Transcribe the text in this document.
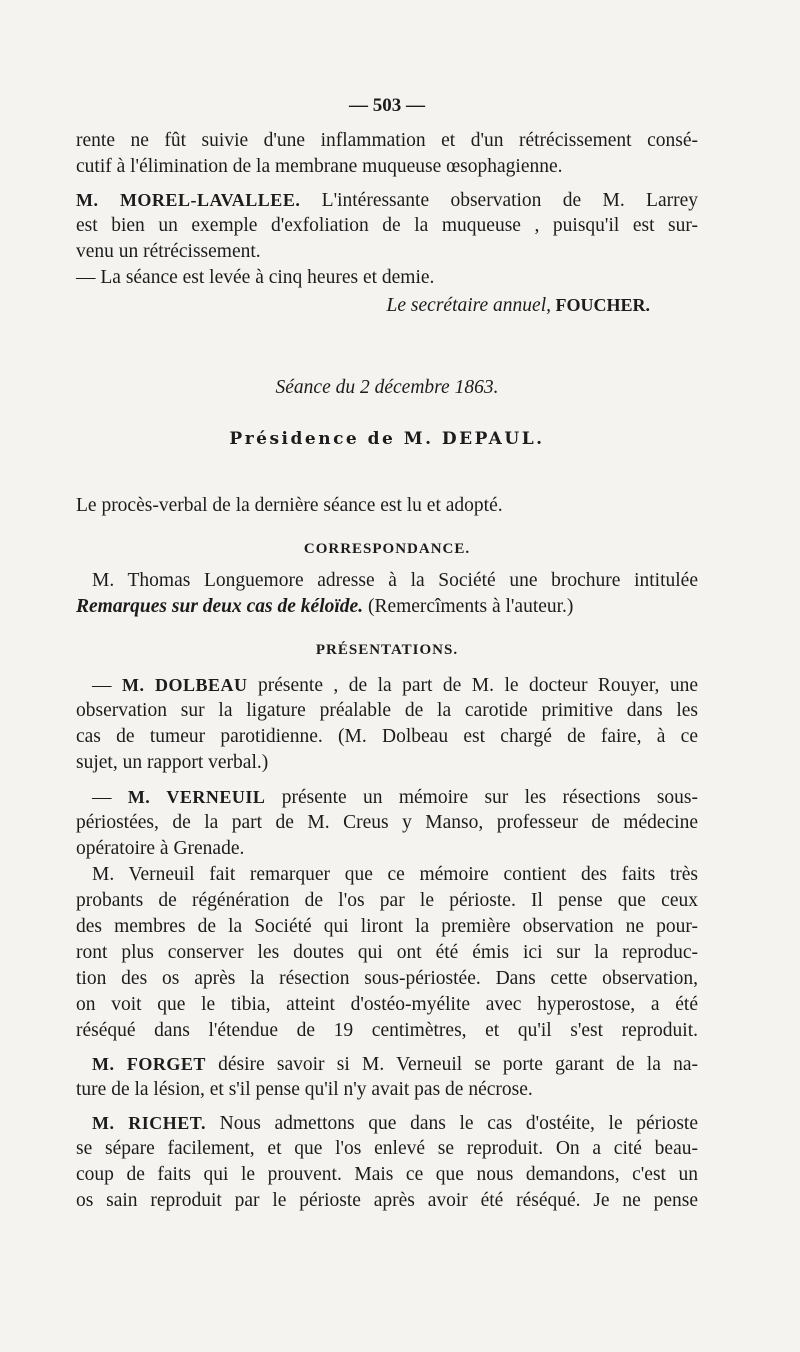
— 503 —
rente ne fût suivie d'une inflammation et d'un rétrécissement consé-
cutif à l'élimination de la membrane muqueuse œsophagienne.
M. MOREL-LAVALLEE. L'intéressante observation de M. Larrey
est bien un exemple d'exfoliation de la muqueuse , puisqu'il est sur-
venu un rétrécissement.
— La séance est levée à cinq heures et demie.
Le secrétaire annuel, FOUCHER.
Séance du 2 décembre 1863.
Présidence de M. DEPAUL.
Le procès-verbal de la dernière séance est lu et adopté.
CORRESPONDANCE.
M. Thomas Longuemore adresse à la Société une brochure intitulée
Remarques sur deux cas de kéloïde. (Remercîments à l'auteur.)
PRÉSENTATIONS.
— M. DOLBEAU présente , de la part de M. le docteur Rouyer, une
observation sur la ligature préalable de la carotide primitive dans les
cas de tumeur parotidienne. (M. Dolbeau est chargé de faire, à ce
sujet, un rapport verbal.)
— M. VERNEUIL présente un mémoire sur les résections sous-
périostées, de la part de M. Creus y Manso, professeur de médecine
opératoire à Grenade.
M. Verneuil fait remarquer que ce mémoire contient des faits très
probants de régénération de l'os par le périoste. Il pense que ceux
des membres de la Société qui liront la première observation ne pour-
ront plus conserver les doutes qui ont été émis ici sur la reproduc-
tion des os après la résection sous-périostée. Dans cette observation,
on voit que le tibia, atteint d'ostéo-myélite avec hyperostose, a été
réséqué dans l'étendue de 19 centimètres, et qu'il s'est reproduit.
M. FORGET désire savoir si M. Verneuil se porte garant de la na-
ture de la lésion, et s'il pense qu'il n'y avait pas de nécrose.
M. RICHET. Nous admettons que dans le cas d'ostéite, le périoste
se sépare facilement, et que l'os enlevé se reproduit. On a cité beau-
coup de faits qui le prouvent. Mais ce que nous demandons, c'est un
os sain reproduit par le périoste après avoir été réséqué. Je ne pense
